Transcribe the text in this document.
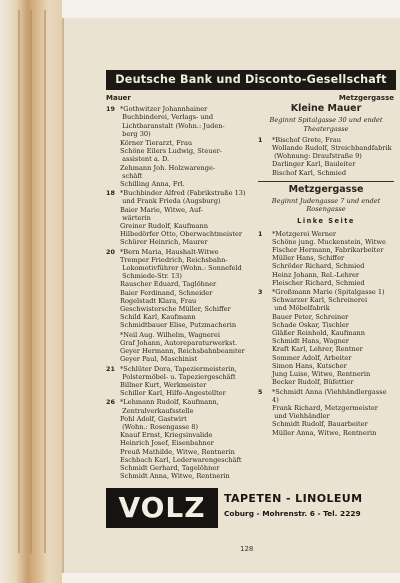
Deutsche Bank und Disconto-Gesellschaft
Mauer
19 *Gothwitzer Johannhainer
Buchbinderei, Verlags- und
Lichtbaranstalt (Wohn.: Juden-
berg 30)
Körner Tierarzt, Frau
Schöne Eilers Ludwig, Steuer-
assistent a. D.
Zehmann Joh. Holzwarenge-
schäft
Schilling Anna, Frl.
18 *Buchbinder Alfred (Fabrikstraße 13)
und Frank Frieda (Augsburg)
Baier Marie, Witwe, Auf-
wärterin
Greiner Rudolf, Kaufmann
Hilbedörfer Otto, Oberwachtmeister
Schürer Heinrich, Maurer
20 *Bern Maria, Haushalt-Witwe
Tremper Friedrich, Reichsbahn-
Lokomotivführer (Wohn.: Sonnefeld
Schmiede-Str. 13)
Rauscher Eduard, Taglöhner
Baier Ferdinand, Schneider
Rogelstadt Klara, Frau
Geschwistersche Müller, Schiffer
Schild Karl, Kaufmann
Schmidtbauer Elise, Putzmacherin
*Neil Aug. Wilhelm, Wagnerei
Graf Johann, Autoreparaturwerkst.
Geyer Hermann, Reichsbahnbeamter
Geyer Paul, Maschinist
21 *Schlüter Dora, Tapeziermeisterin,
Polstermöbel- u. Tapeziergeschäft
Billner Kurt, Werkmeister
Schiller Karl, Hilfe-Angestellter
26 *Lehmann Rudolf, Kaufmann,
Zentralverkaufsstelle
Pohl Adolf, Gastwirt
(Wohn.: Rosengasse 8)
Knauf Ernst, Kriegsinvalide
Heinrich Josef, Eisenbahner
Preuß Mathilde, Witwe, Rentnerin
Eschbach Karl, Lederwarengeschäft
Schmidt Gerhard, Tagelöhner
Schmidt Anna, Witwe, Rentnerin
Metzgergasse
Kleine Mauer
Beginnt Spitalgasse 30 und endet Theatergasse
1	*Bischof Grete, Frau
Wollande Rudolf, Streichbandfabrik
(Wohnung: Draufstraße 9)
Darlinger Karl, Bauleiter
Bischof Karl, Schmied
Metzgergasse
Beginnt Judengasse 7 und endet Rosengasse
Linke Seite
1	*Metzgerei Werner
Schöne jung. Muckenstein, Witwe
Fischer Hermann, Fabrikarbeiter
Müller Hans, Schiffer
Schröder Richard, Schmied
Heinz Johann, Rel.-Lehrer
Fleischer Richard, Schmied
3	*Großmann Marie (Spitalgasse 1)
Schwarzer Karl, Schreinerei
und Möbelfabrik
Bauer Peter, Schreiner
Schade Oskar, Tischler
Gläßer Reinhold, Kaufmann
Schmidt Hans, Wagner
Kraft Karl, Lehrer, Rentner
Sommer Adolf, Arbeiter
Simon Hans, Kutscher
Jung Luise, Witwe, Rentnerin
Becker Rudolf, Büfettier
5	*Schmidt Anna (Viehhändlergasse 4)
Frank Richard, Metzgermeister
und Viehhändler
Schmidt Rudolf, Bauarbeiter
Müller Anna, Witwe, Rentnerin
VOLZ	TAPETEN - LINOLEUM
Coburg - Mohrenstr. 6 - Tel. 2229
128
